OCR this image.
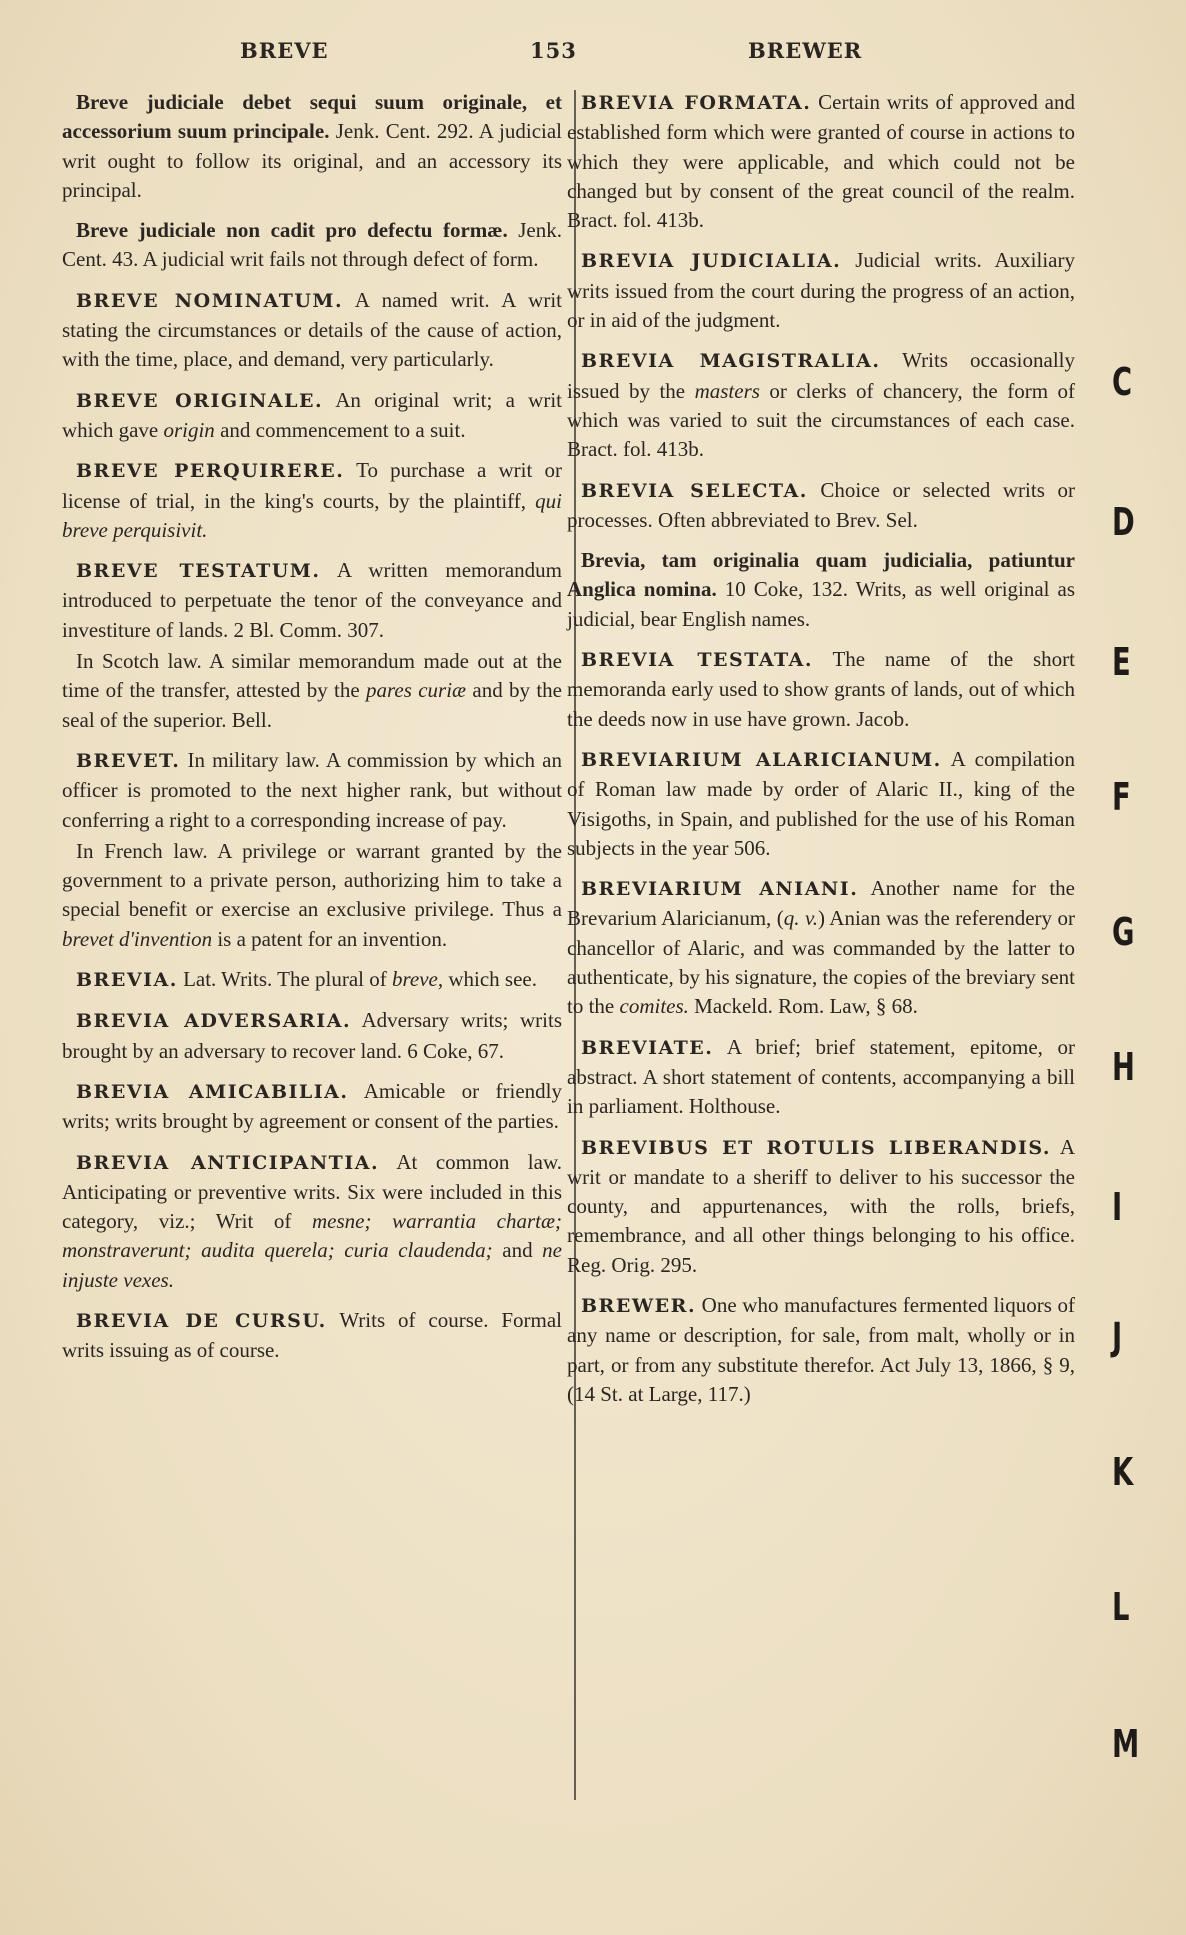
BREVE	153	BREWER

Breve judiciale debet sequi suum originale, et accessorium suum principale. Jenk. Cent. 292. A judicial writ ought to follow its original, and an accessory its principal.

Breve judiciale non cadit pro defectu formæ. Jenk. Cent. 43. A judicial writ fails not through defect of form.

BREVE NOMINATUM. A named writ. A writ stating the circumstances or details of the cause of action, with the time, place, and demand, very particularly.

BREVE ORIGINALE. An original writ; a writ which gave origin and commencement to a suit.

BREVE PERQUIRERE. To purchase a writ or license of trial, in the king's courts, by the plaintiff, qui breve perquisivit.

BREVE TESTATUM. A written memorandum introduced to perpetuate the tenor of the conveyance and investiture of lands. 2 Bl. Comm. 307.

In Scotch law. A similar memorandum made out at the time of the transfer, attested by the pares curiæ and by the seal of the superior. Bell.

BREVET. In military law. A commission by which an officer is promoted to the next higher rank, but without conferring a right to a corresponding increase of pay.

In French law. A privilege or warrant granted by the government to a private person, authorizing him to take a special benefit or exercise an exclusive privilege. Thus a brevet d'invention is a patent for an invention.

BREVIA. Lat. Writs. The plural of breve, which see.

BREVIA ADVERSARIA. Adversary writs; writs brought by an adversary to recover land. 6 Coke, 67.

BREVIA AMICABILIA. Amicable or friendly writs; writs brought by agreement or consent of the parties.

BREVIA ANTICIPANTIA. At common law. Anticipating or preventive writs. Six were included in this category, viz.; Writ of mesne; warrantia chartæ; monstraverunt; audita querela; curia claudenda; and ne injuste vexes.

BREVIA DE CURSU. Writs of course. Formal writs issuing as of course.

BREVIA FORMATA. Certain writs of approved and established form which were granted of course in actions to which they were applicable, and which could not be changed but by consent of the great council of the realm. Bract. fol. 413b.

BREVIA JUDICIALIA. Judicial writs. Auxiliary writs issued from the court during the progress of an action, or in aid of the judgment.

BREVIA MAGISTRALIA. Writs occasionally issued by the masters or clerks of chancery, the form of which was varied to suit the circumstances of each case. Bract. fol. 413b.

BREVIA SELECTA. Choice or selected writs or processes. Often abbreviated to Brev. Sel.

Brevia, tam originalia quam judicialia, patiuntur Anglica nomina. 10 Coke, 132. Writs, as well original as judicial, bear English names.

BREVIA TESTATA. The name of the short memoranda early used to show grants of lands, out of which the deeds now in use have grown. Jacob.

BREVIARIUM ALARICIANUM. A compilation of Roman law made by order of Alaric II., king of the Visigoths, in Spain, and published for the use of his Roman subjects in the year 506.

BREVIARIUM ANIANI. Another name for the Brevarium Alaricianum, (q. v.) Anian was the referendery or chancellor of Alaric, and was commanded by the latter to authenticate, by his signature, the copies of the breviary sent to the comites. Mackeld. Rom. Law, § 68.

BREVIATE. A brief; brief statement, epitome, or abstract. A short statement of contents, accompanying a bill in parliament. Holthouse.

BREVIBUS ET ROTULIS LIBERANDIS. A writ or mandate to a sheriff to deliver to his successor the county, and appurtenances, with the rolls, briefs, remembrance, and all other things belonging to his office. Reg. Orig. 295.

BREWER. One who manufactures fermented liquors of any name or description, for sale, from malt, wholly or in part, or from any substitute therefor. Act July 13, 1866, § 9, (14 St. at Large, 117.)

C
D
E
F
G
H
I
J
K
L
M
